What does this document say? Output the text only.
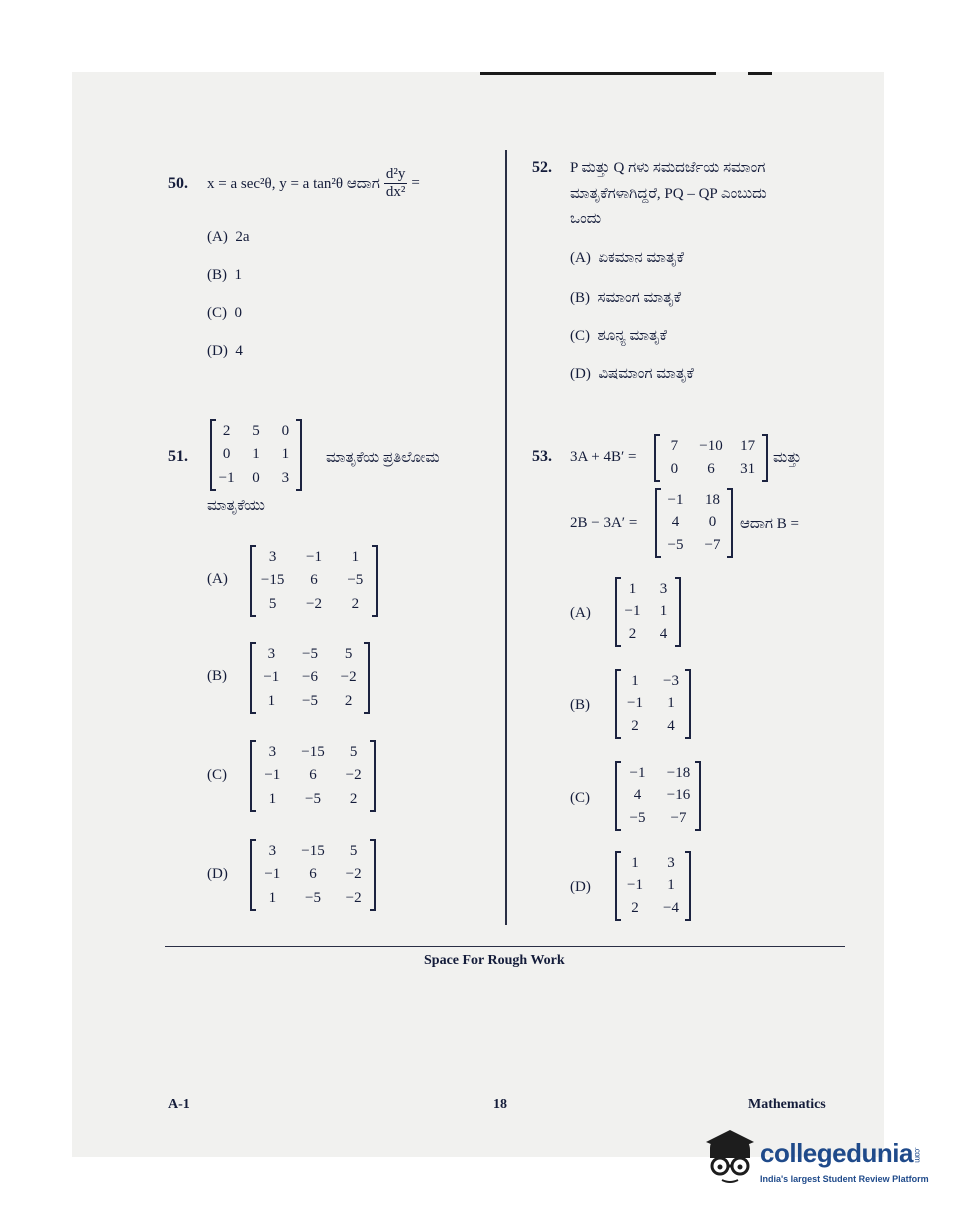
50. x = a sec²θ, y = a tan²θ ಆದಾಗ $\frac{\text{d²y}}{\text{dx²}}$ =
(A) 2a
(B) 1
(C) 0
(D) 4
51.
2 5 0
0 1 1
−1 0 3
ಮಾತೃಕೆಯ ಪ್ರತಿಲೋಮ
ಮಾತೃಕೆಯು
(A)
3 −1 1
−15 6 −5
5 −2 2
(B)
3 −5 5
−1 −6 −2
1 −5 2
(C)
3 −15 5
−1 6 −2
1 −5 2
(D)
3 −15 5
−1 6 −2
1 −5 −2
52. P ಮತ್ತು Q ಗಳು ಸಮದರ್ಜೆಯ ಸಮಾಂಗ
ಮಾತೃಕೆಗಳಾಗಿದ್ದರೆ, PQ – QP ಎಂಬುದು
ಒಂದು
(A) ಏಕಮಾನ ಮಾತೃಕೆ
(B) ಸಮಾಂಗ ಮಾತೃಕೆ
(C) ಶೂನ್ಯ ಮಾತೃಕೆ
(D) ವಿಷಮಾಂಗ ಮಾತೃಕೆ
53. 3A + 4B′ =
7 −10 17
0 6 31
ಮತ್ತು
2B − 3A′ =
−1 18
4 0
−5 −7
ಆದಾಗ B =
(A)
1 3
−1 1
2 4
(B)
1 −3
−1 1
2 4
(C)
−1 −18
4 −16
−5 −7
(D)
1 3
−1 1
2 −4
Space For Rough Work
A-1	18	Mathematics
collegedunia.com
India's largest Student Review Platform
